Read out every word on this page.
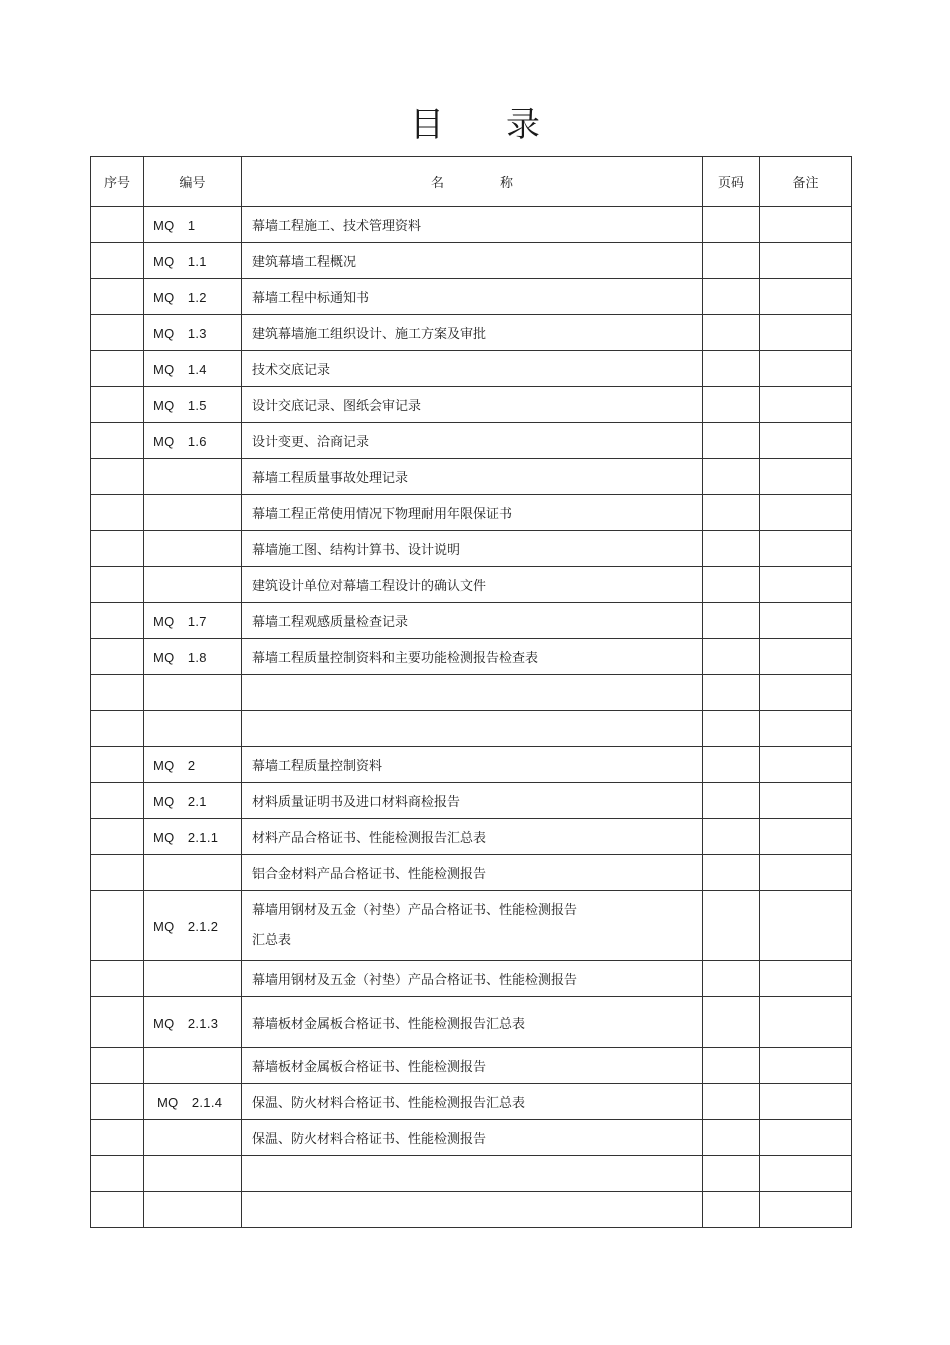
目 录
序号	编号	名 称	页码	备注
	MQ　1	幕墙工程施工、技术管理资料		
	MQ　1.1	建筑幕墙工程概况		
	MQ　1.2	幕墙工程中标通知书		
	MQ　1.3	建筑幕墙施工组织设计、施工方案及审批		
	MQ　1.4	技术交底记录		
	MQ　1.5	设计交底记录、图纸会审记录		
	MQ　1.6	设计变更、洽商记录		
		幕墙工程质量事故处理记录		
		幕墙工程正常使用情况下物理耐用年限保证书		
		幕墙施工图、结构计算书、设计说明		
		建筑设计单位对幕墙工程设计的确认文件		
	MQ　1.7	幕墙工程观感质量检查记录		
	MQ　1.8	幕墙工程质量控制资料和主要功能检测报告检查表		

	MQ　2	幕墙工程质量控制资料		
	MQ　2.1	材料质量证明书及进口材料商检报告		
	MQ　2.1.1	材料产品合格证书、性能检测报告汇总表		
		铝合金材料产品合格证书、性能检测报告		
	MQ　2.1.2	幕墙用钢材及五金（衬垫）产品合格证书、性能检测报告
汇总表		
		幕墙用钢材及五金（衬垫）产品合格证书、性能检测报告		
	MQ　2.1.3	幕墙板材金属板合格证书、性能检测报告汇总表		
		幕墙板材金属板合格证书、性能检测报告		
	MQ　2.1.4	保温、防火材料合格证书、性能检测报告汇总表		
		保温、防火材料合格证书、性能检测报告		
